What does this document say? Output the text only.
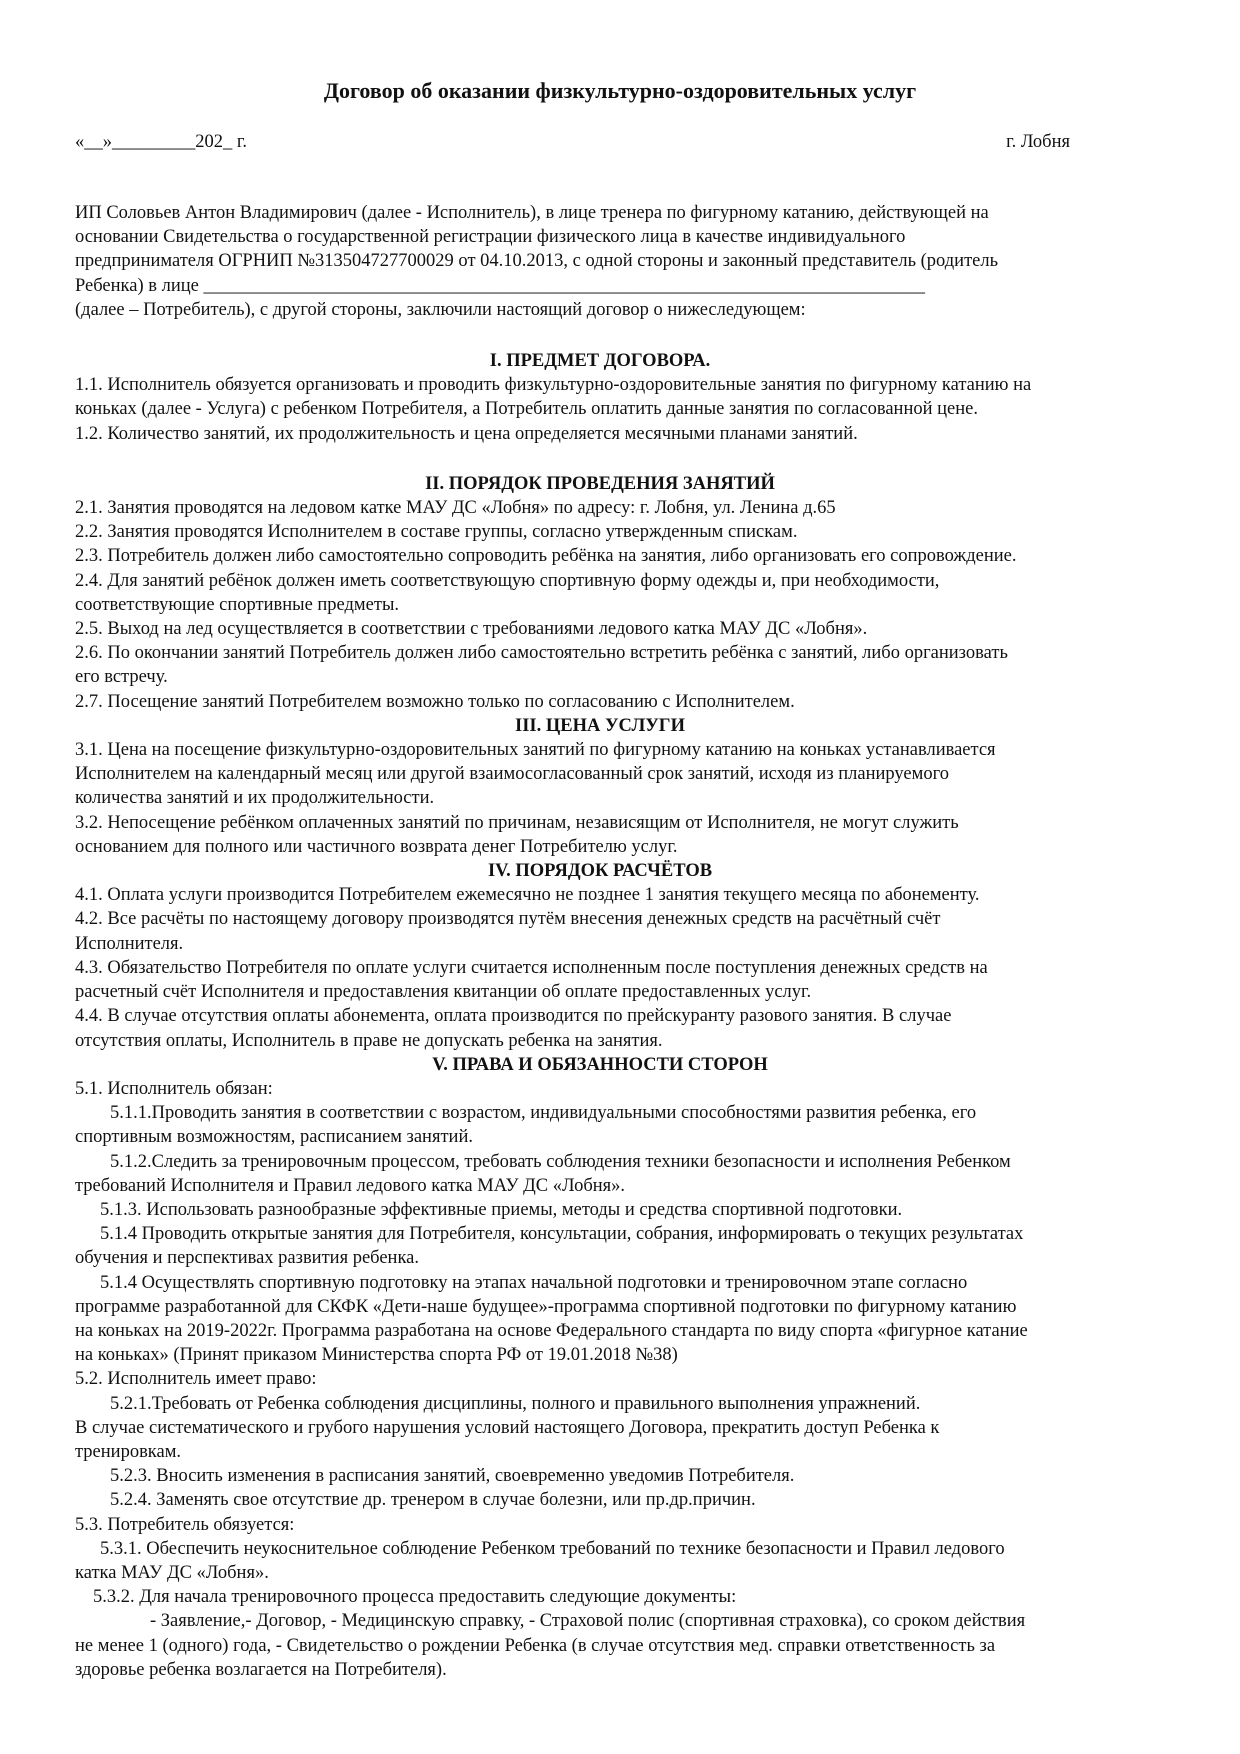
Договор об оказании физкультурно-оздоровительных услуг
«__»_________202_ г.	г. Лобня

ИП Соловьев Антон Владимирович (далее - Исполнитель), в лице тренера по фигурному катанию, действующей на

основании Свидетельства о государственной регистрации физического лица в качестве индивидуального

предпринимателя ОГРНИП №313504727700029 от 04.10.2013, с одной стороны и законный представитель (родитель

Ребенка) в лице ______________________________________________________________________________

(далее – Потребитель), с другой стороны, заключили настоящий договор о нижеследующем:

I. ПРЕДМЕТ ДОГОВОРА.

1.1. Исполнитель обязуется организовать и проводить физкультурно-оздоровительные занятия по фигурному катанию на

коньках (далее - Услуга) с ребенком Потребителя, а Потребитель оплатить данные занятия по согласованной цене.

1.2. Количество занятий, их продолжительность и цена определяется месячными планами занятий.

II. ПОРЯДОК ПРОВЕДЕНИЯ ЗАНЯТИЙ

2.1. Занятия проводятся на ледовом катке МАУ ДС «Лобня» по адресу: г. Лобня, ул. Ленина д.65

2.2. Занятия проводятся Исполнителем в составе группы, согласно утвержденным спискам.

2.3. Потребитель должен либо самостоятельно сопроводить ребёнка на занятия, либо организовать его сопровождение.

2.4. Для занятий ребёнок должен иметь соответствующую спортивную форму одежды и, при необходимости,

соответствующие спортивные предметы.

2.5. Выход на лед осуществляется в соответствии с требованиями ледового катка МАУ ДС «Лобня».

2.6. По окончании занятий Потребитель должен либо самостоятельно встретить ребёнка с занятий, либо организовать

его встречу.

2.7. Посещение занятий Потребителем возможно только по согласованию с Исполнителем.

III. ЦЕНА УСЛУГИ

3.1. Цена на посещение физкультурно-оздоровительных занятий по фигурному катанию на коньках устанавливается

Исполнителем на календарный месяц или другой взаимосогласованный срок занятий, исходя из планируемого

количества занятий и их продолжительности.

3.2. Непосещение ребёнком оплаченных занятий по причинам, независящим от Исполнителя, не могут служить

основанием для полного или частичного возврата денег Потребителю услуг.

IV. ПОРЯДОК РАСЧЁТОВ

4.1. Оплата услуги производится Потребителем ежемесячно не позднее 1 занятия текущего месяца по абонементу.

4.2. Все расчёты по настоящему договору производятся путём внесения денежных средств на расчётный счёт

Исполнителя.

4.3. Обязательство Потребителя по оплате услуги считается исполненным после поступления денежных средств на

расчетный счёт Исполнителя и предоставления квитанции об оплате предоставленных услуг.

4.4. В случае отсутствия оплаты абонемента, оплата производится по прейскуранту разового занятия. В случае

отсутствия оплаты, Исполнитель в праве не допускать ребенка на занятия.

V. ПРАВА И ОБЯЗАННОСТИ СТОРОН

5.1. Исполнитель обязан:

5.1.1.Проводить занятия в соответствии с возрастом, индивидуальными способностями развития ребенка, его

спортивным возможностям, расписанием занятий.

5.1.2.Следить за тренировочным процессом, требовать соблюдения техники безопасности и исполнения Ребенком

требований Исполнителя и Правил ледового катка МАУ ДС «Лобня».

5.1.3. Использовать разнообразные эффективные приемы, методы и средства спортивной подготовки.

5.1.4 Проводить открытые занятия для Потребителя, консультации, собрания, информировать о текущих результатах

обучения и перспективах развития ребенка.

5.1.4 Осуществлять спортивную подготовку на этапах начальной подготовки и тренировочном этапе согласно

программе разработанной для СКФК «Дети-наше будущее»-программа спортивной подготовки по фигурному катанию

на коньках на 2019-2022г. Программа разработана на основе Федерального стандарта по виду спорта «фигурное катание

на коньках» (Принят приказом Министерства спорта РФ от 19.01.2018 №38)

5.2. Исполнитель имеет право:

5.2.1.Требовать от Ребенка соблюдения дисциплины, полного и правильного выполнения упражнений.

В случае систематического и грубого нарушения условий настоящего Договора, прекратить доступ Ребенка к

тренировкам.

5.2.3. Вносить изменения в расписания занятий, своевременно уведомив Потребителя.

5.2.4. Заменять свое отсутствие др. тренером в случае болезни, или пр.др.причин.

5.3. Потребитель обязуется:

5.3.1. Обеспечить неукоснительное соблюдение Ребенком требований по технике безопасности и Правил ледового

катка МАУ ДС «Лобня».

5.3.2. Для начала тренировочного процесса предоставить следующие документы:

- Заявление,- Договор, - Медицинскую справку, - Страховой полис (спортивная страховка), со сроком действия

не менее 1 (одного) года, - Свидетельство о рождении Ребенка (в случае отсутствия мед. справки ответственность за

здоровье ребенка возлагается на Потребителя).
